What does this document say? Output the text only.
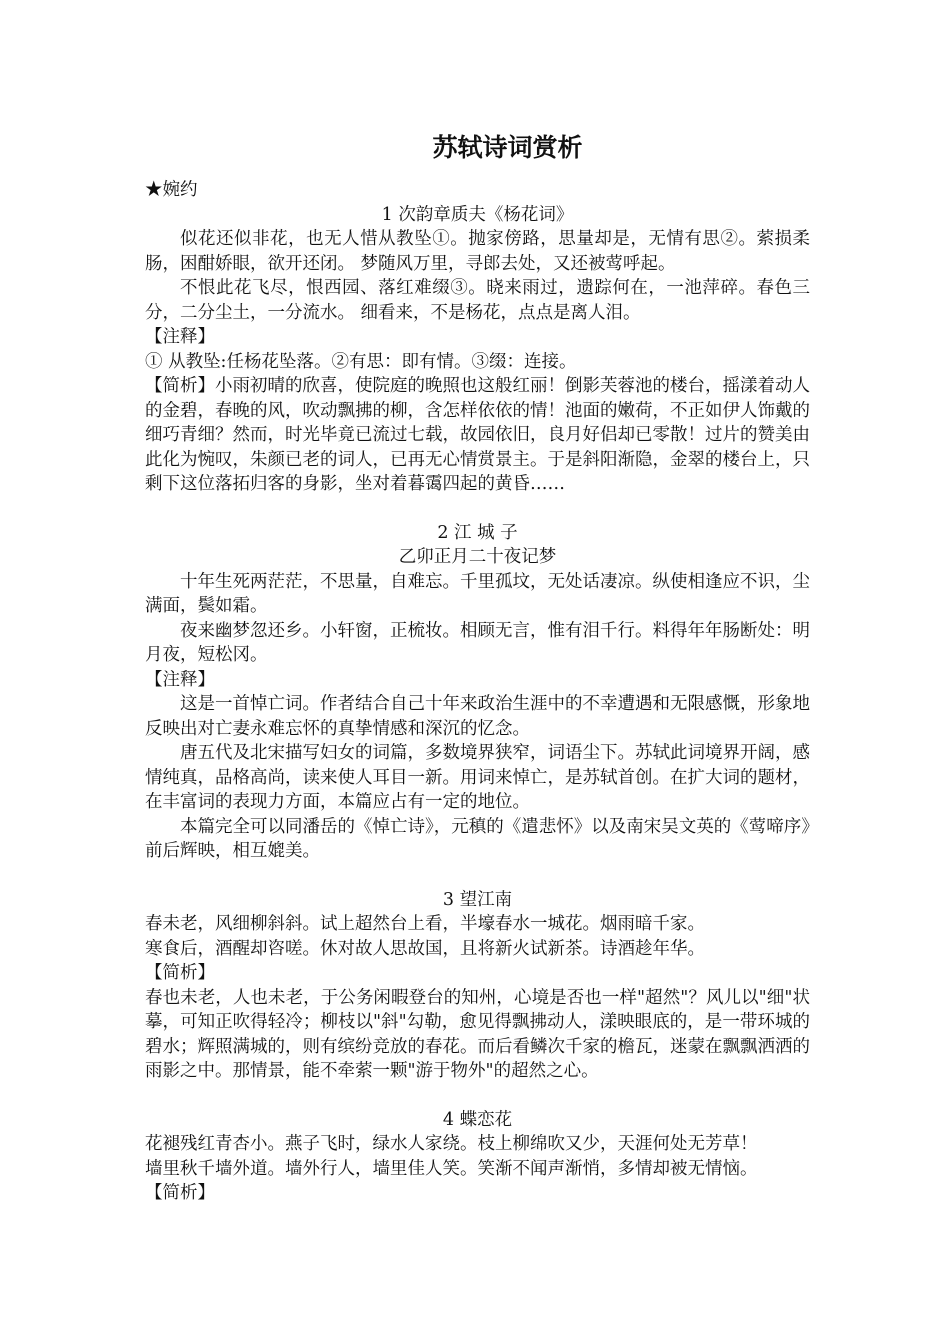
苏轼诗词赏析

★婉约

1 次韵章质夫《杨花词》

似花还似非花，也无人惜从教坠①。抛家傍路，思量却是，无情有思②。萦损柔肠，困酣娇眼，欲开还闭。 梦随风万里，寻郎去处，又还被莺呼起。

不恨此花飞尽，恨西园、落红难缀③。晓来雨过，遗踪何在，一池萍碎。春色三分，二分尘土，一分流水。 细看来，不是杨花，点点是离人泪。

【注释】

① 从教坠:任杨花坠落。②有思：即有情。③缀：连接。

【简析】小雨初晴的欣喜，使院庭的晚照也这般红丽！倒影芙蓉池的楼台，摇漾着动人的金碧，春晚的风，吹动飘拂的柳，含怎样依依的情！池面的嫩荷，不正如伊人饰戴的细巧青细？然而，时光毕竟已流过七载，故园依旧，良月好侣却已零散！过片的赞美由此化为惋叹，朱颜已老的词人，已再无心情赏景主。于是斜阳渐隐，金翠的楼台上，只剩下这位落拓归客的身影，坐对着暮霭四起的黄昏……

2 江 城 子

乙卯正月二十夜记梦

十年生死两茫茫，不思量，自难忘。千里孤坟，无处话凄凉。纵使相逢应不识，尘满面，鬓如霜。

夜来幽梦忽还乡。小轩窗，正梳妆。相顾无言，惟有泪千行。料得年年肠断处：明月夜，短松冈。

【注释】

这是一首悼亡词。作者结合自己十年来政治生涯中的不幸遭遇和无限感慨，形象地反映出对亡妻永难忘怀的真挚情感和深沉的忆念。

唐五代及北宋描写妇女的词篇，多数境界狭窄，词语尘下。苏轼此词境界开阔，感情纯真，品格高尚，读来使人耳目一新。用词来悼亡，是苏轼首创。在扩大词的题材，在丰富词的表现力方面，本篇应占有一定的地位。

本篇完全可以同潘岳的《悼亡诗》，元稹的《遣悲怀》以及南宋吴文英的《莺啼序》前后辉映，相互媲美。

3 望江南

春未老，风细柳斜斜。试上超然台上看，半壕春水一城花。烟雨暗千家。

寒食后，酒醒却咨嗟。休对故人思故国，且将新火试新茶。诗酒趁年华。

【简析】

春也未老，人也未老，于公务闲暇登台的知州，心境是否也一样"超然"？风儿以"细"状摹，可知正吹得轻冷；柳枝以"斜"勾勒，愈见得飘拂动人，漾映眼底的，是一带环城的碧水；辉照满城的，则有缤纷竞放的春花。而后看鳞次千家的檐瓦，迷蒙在飘飘洒洒的雨影之中。那情景，能不牵萦一颗"游于物外"的超然之心。

4 蝶恋花

花褪残红青杏小。燕子飞时，绿水人家绕。枝上柳绵吹又少，天涯何处无芳草！

墙里秋千墙外道。墙外行人，墙里佳人笑。笑渐不闻声渐悄，多情却被无情恼。

【简析】
